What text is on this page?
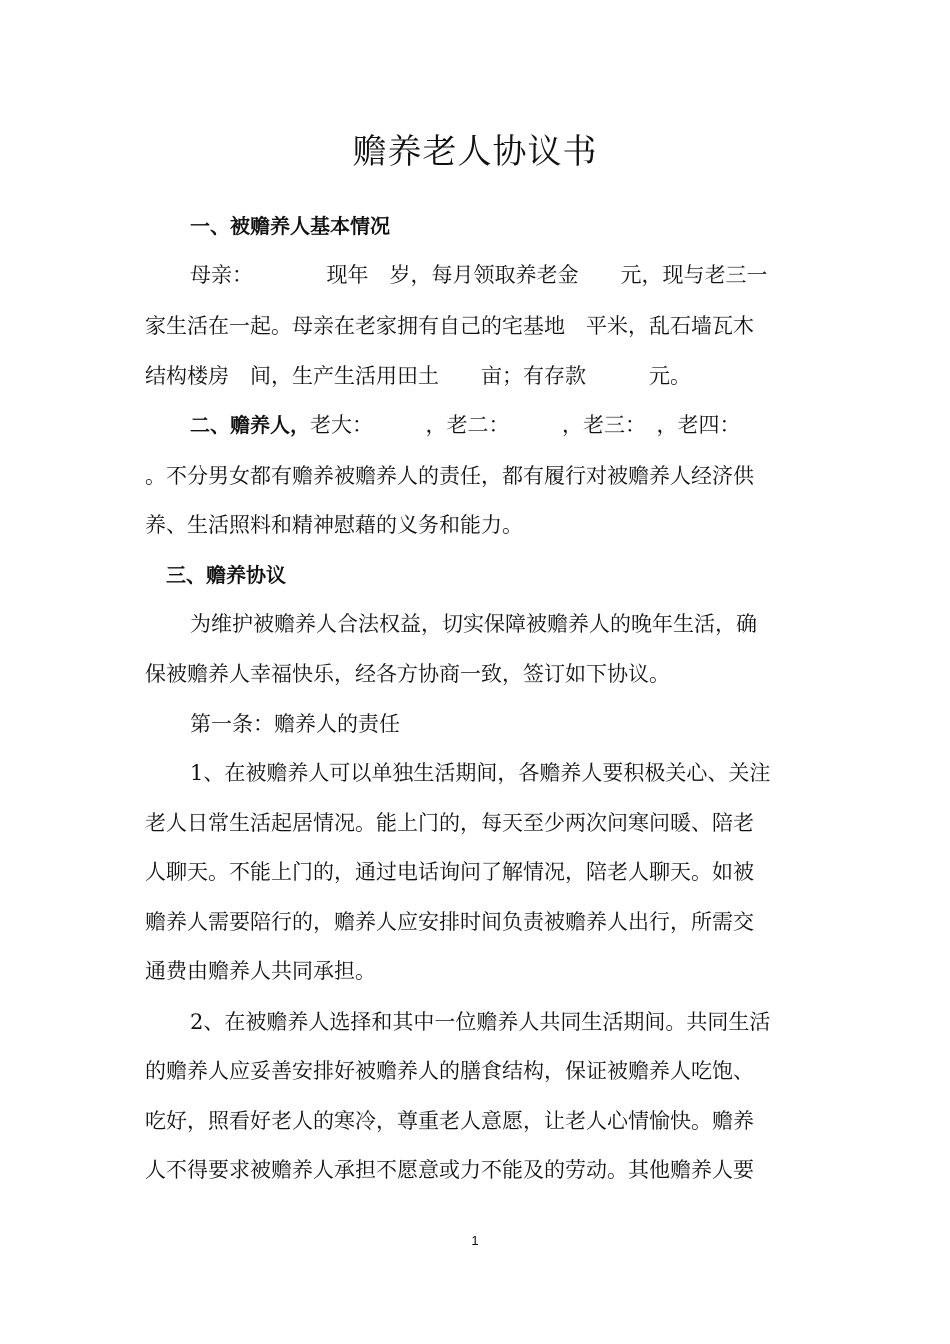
赡养老人协议书
一、被赡养人基本情况
母亲：　　　　现年　岁，每月领取养老金　　元，现与老三一
家生活在一起。母亲在老家拥有自己的宅基地　平米，乱石墙瓦木
结构楼房　间，生产生活用田土　　亩；有存款　　　元。
二、赡养人，老大：　　　，老二：　　　，老三：　，老四：
。不分男女都有赡养被赡养人的责任，都有履行对被赡养人经济供
养、生活照料和精神慰藉的义务和能力。
三、赡养协议
为维护被赡养人合法权益，切实保障被赡养人的晚年生活，确
保被赡养人幸福快乐，经各方协商一致，签订如下协议。
第一条：赡养人的责任
1、在被赡养人可以单独生活期间，各赡养人要积极关心、关注
老人日常生活起居情况。能上门的，每天至少两次问寒问暖、陪老
人聊天。不能上门的，通过电话询问了解情况，陪老人聊天。如被
赡养人需要陪行的，赡养人应安排时间负责被赡养人出行，所需交
通费由赡养人共同承担。
2、在被赡养人选择和其中一位赡养人共同生活期间。共同生活
的赡养人应妥善安排好被赡养人的膳食结构，保证被赡养人吃饱、
吃好，照看好老人的寒冷，尊重老人意愿，让老人心情愉快。赡养
人不得要求被赡养人承担不愿意或力不能及的劳动。其他赡养人要
1
